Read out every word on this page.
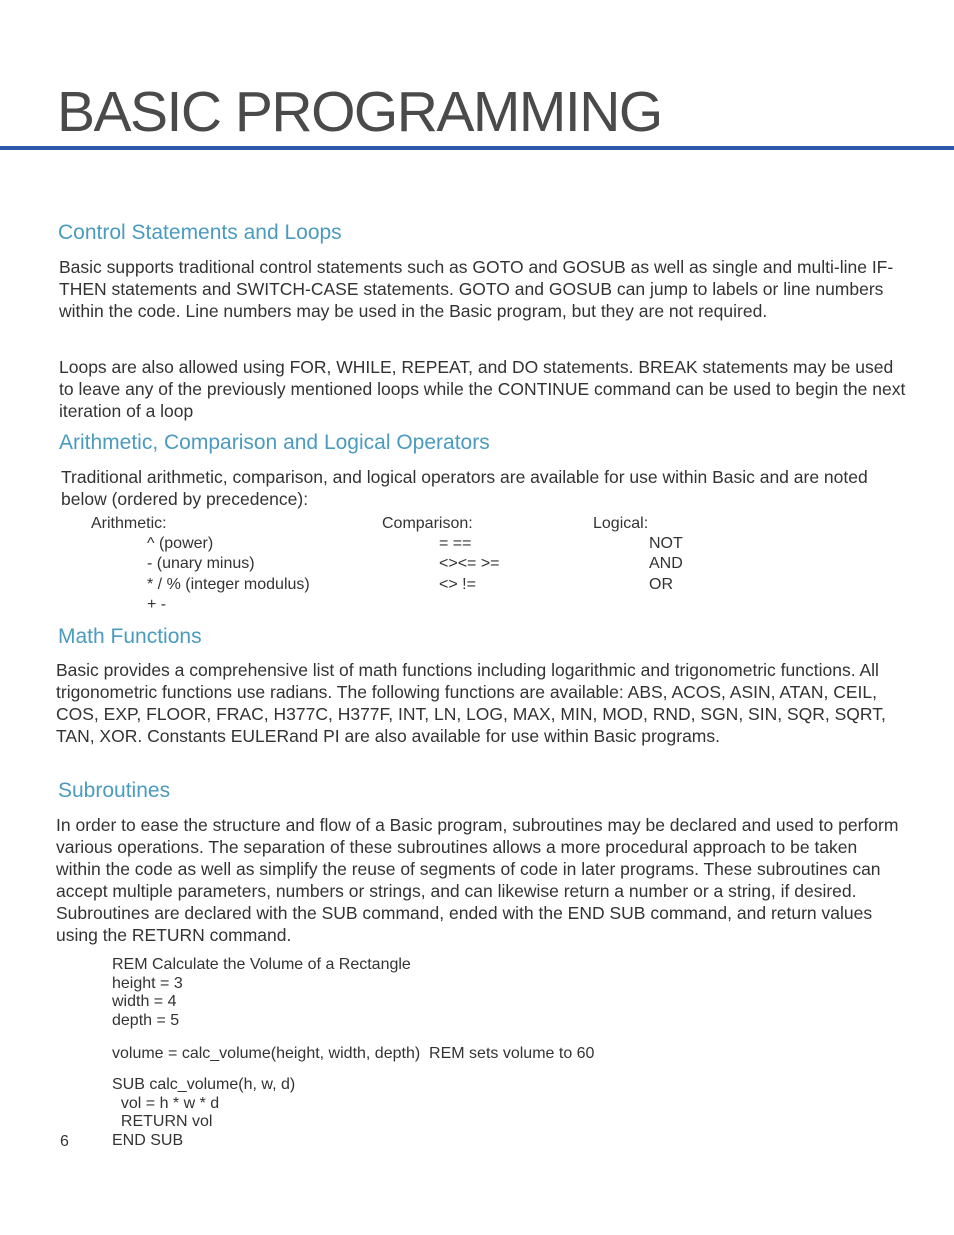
BASIC PROGRAMMING
Control Statements and Loops

Basic supports traditional control statements such as GOTO and GOSUB as well as single and multi-line IF-THEN statements and SWITCH-CASE statements. GOTO and GOSUB can jump to labels or line numbers within the code. Line numbers may be used in the Basic program, but they are not required.

Loops are also allowed using FOR, WHILE, REPEAT, and DO statements. BREAK statements may be used to leave any of the previously mentioned loops while the CONTINUE command can be used to begin the next iteration of a loop

Arithmetic, Comparison and Logical Operators

Traditional arithmetic, comparison, and logical operators are available for use within Basic and are noted below (ordered by precedence):

Arithmetic:
^ (power)
- (unary minus)
* / % (integer modulus)
+ -
Comparison:
= ==
<><= >=
<> !=
Logical:
NOT
AND
OR
Math Functions

Basic provides a comprehensive list of math functions including logarithmic and trigonometric functions. All trigonometric functions use radians. The following functions are available: ABS, ACOS, ASIN, ATAN, CEIL, COS, EXP, FLOOR, FRAC, H377C, H377F, INT, LN, LOG, MAX, MIN, MOD, RND, SGN, SIN, SQR, SQRT, TAN, XOR. Constants EULERand PI are also available for use within Basic programs.

Subroutines

In order to ease the structure and flow of a Basic program, subroutines may be declared and used to perform various operations. The separation of these subroutines allows a more procedural approach to be taken within the code as well as simplify the reuse of segments of code in later programs. These subroutines can accept multiple parameters, numbers or strings, and can likewise return a number or a string, if desired. Subroutines are declared with the SUB command, ended with the END SUB command, and return values using the RETURN command.

REM Calculate the Volume of a Rectangle
height = 3
width = 4
depth = 5
volume = calc_volume(height, width, depth)  REM sets volume to 60
SUB calc_volume(h, w, d)
vol = h * w * d
RETURN vol
END SUB
6
